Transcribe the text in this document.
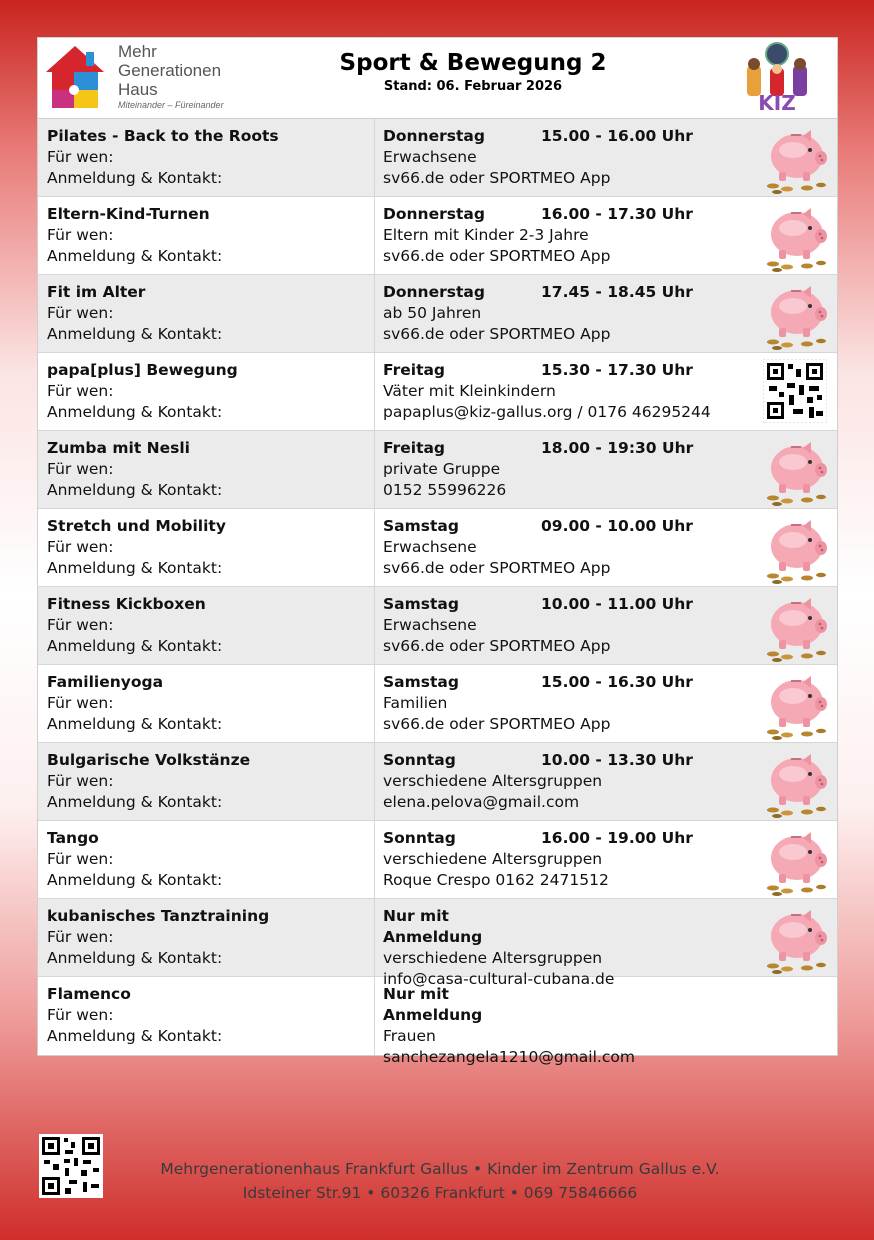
Mehr
Generationen
Haus
Miteinander – Füreinander
Sport & Bewegung 2
Stand: 06. Februar 2026
KIZ
Pilates - Back to the Roots
Für wen:
Anmeldung & Kontakt:
Donnerstag	15.00 - 16.00 Uhr
Erwachsene
sv66.de oder SPORTMEO App
Eltern-Kind-Turnen
Für wen:
Anmeldung & Kontakt:
Donnerstag	16.00 - 17.30 Uhr
Eltern mit Kinder 2-3 Jahre
sv66.de oder SPORTMEO App
Fit im Alter
Für wen:
Anmeldung & Kontakt:
Donnerstag	17.45 - 18.45 Uhr
ab 50 Jahren
sv66.de oder SPORTMEO App
papa[plus] Bewegung
Für wen:
Anmeldung & Kontakt:
Freitag	15.30 - 17.30 Uhr
Väter mit Kleinkindern
papaplus@kiz-gallus.org / 0176 46295244
Zumba mit Nesli
Für wen:
Anmeldung & Kontakt:
Freitag	18.00 - 19:30 Uhr
private Gruppe
0152 55996226
Stretch und Mobility
Für wen:
Anmeldung & Kontakt:
Samstag	09.00 - 10.00 Uhr
Erwachsene
sv66.de oder SPORTMEO App
Fitness Kickboxen
Für wen:
Anmeldung & Kontakt:
Samstag	10.00 - 11.00 Uhr
Erwachsene
sv66.de oder SPORTMEO App
Familienyoga
Für wen:
Anmeldung & Kontakt:
Samstag	15.00 - 16.30 Uhr
Familien
sv66.de oder SPORTMEO App
Bulgarische Volkstänze
Für wen:
Anmeldung & Kontakt:
Sonntag	10.00 - 13.30 Uhr
verschiedene Altersgruppen
elena.pelova@gmail.com
Tango
Für wen:
Anmeldung & Kontakt:
Sonntag	16.00 - 19.00 Uhr
verschiedene Altersgruppen
Roque Crespo 0162 2471512
kubanisches Tanztraining
Für wen:
Anmeldung & Kontakt:
Nur mit Anmeldung
verschiedene Altersgruppen
info@casa-cultural-cubana.de
Flamenco
Für wen:
Anmeldung & Kontakt:
Nur mit Anmeldung
Frauen
sanchezangela1210@gmail.com
Mehrgenerationenhaus Frankfurt Gallus • Kinder im Zentrum Gallus e.V.
Idsteiner Str.91 • 60326 Frankfurt • 069 75846666
